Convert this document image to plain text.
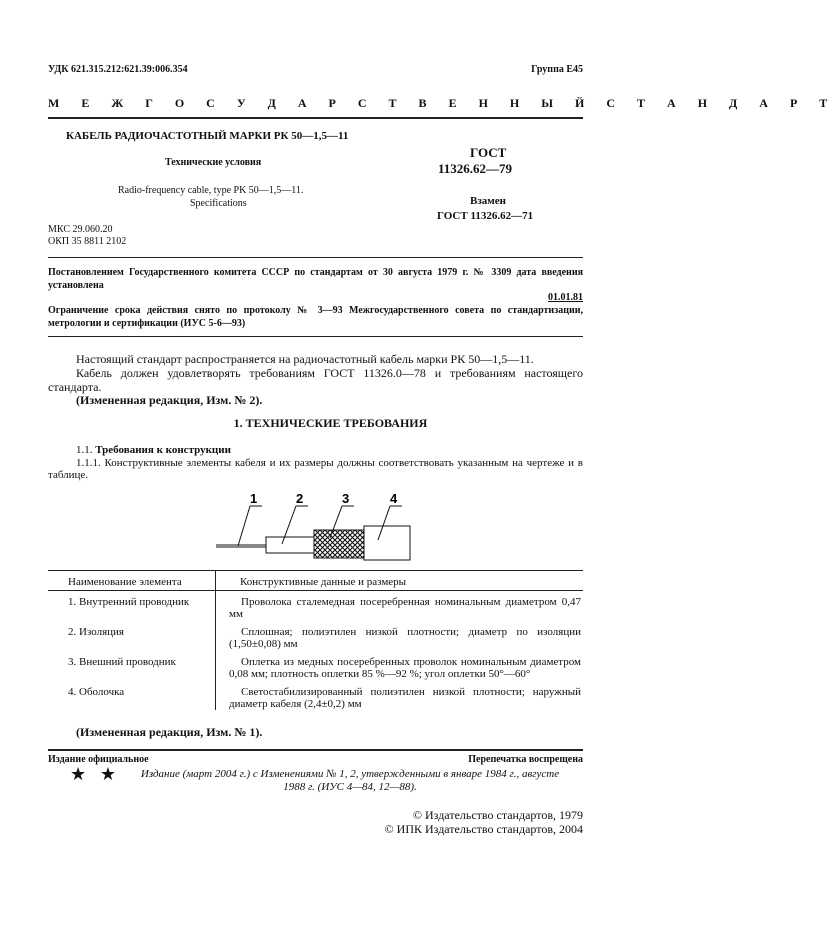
УДК 621.315.212:621.39:006.354	Группа Е45
М Е Ж Г О С У Д А Р С Т В Е Н Н Ы Й С Т А Н Д А Р Т
КАБЕЛЬ РАДИОЧАСТОТНЫЙ МАРКИ РК 50—1,5—11
Технические условия
Radio-frequency cable, type PK 50—1,5—11.
Specifications
ГОСТ
11326.62—79
Взамен
ГОСТ 11326.62—71
МКС 29.060.20
ОКП 35 8811 2102
Постановлением Государственного комитета СССР по стандартам от 30 августа 1979 г. № 3309 дата введения установлена
01.01.81
Ограничение срока действия снято по протоколу № 3—93 Межгосударственного совета по стандартизации, метрологии и сертификации (ИУС 5-6—93)
Настоящий стандарт распространяется на радиочастотный кабель марки РК 50—1,5—11.
Кабель должен удовлетворять требованиям ГОСТ 11326.0—78 и требованиям настоящего стандарта.
(Измененная редакция, Изм. № 2).
1. ТЕХНИЧЕСКИЕ ТРЕБОВАНИЯ
1.1. Требования к конструкции
1.1.1. Конструктивные элементы кабеля и их размеры должны соответствовать указанным на чертеже и в таблице.
1	2	3	4
Наименование элемента	Конструктивные данные и размеры
1. Внутренний проводник	Проволока сталемедная посеребренная номинальным диаметром 0,47 мм
2. Изоляция	Сплошная; полиэтилен низкой плотности; диаметр по изоляции (1,50±0,08) мм
3. Внешний проводник	Оплетка из медных посеребренных проволок номинальным диаметром 0,08 мм; плотность оплетки 85 %—92 %; угол оплетки 50°—60°
4. Оболочка	Светостабилизированный полиэтилен низкой плотности; наружный диаметр кабеля (2,4±0,2) мм
(Измененная редакция, Изм. № 1).
Издание официальное	Перепечатка воспрещена
★ ★ Издание (март 2004 г.) с Изменениями № 1, 2, утвержденными в январе 1984 г., августе 1988 г. (ИУС 4—84, 12—88).
© Издательство стандартов, 1979
© ИПК Издательство стандартов, 2004
